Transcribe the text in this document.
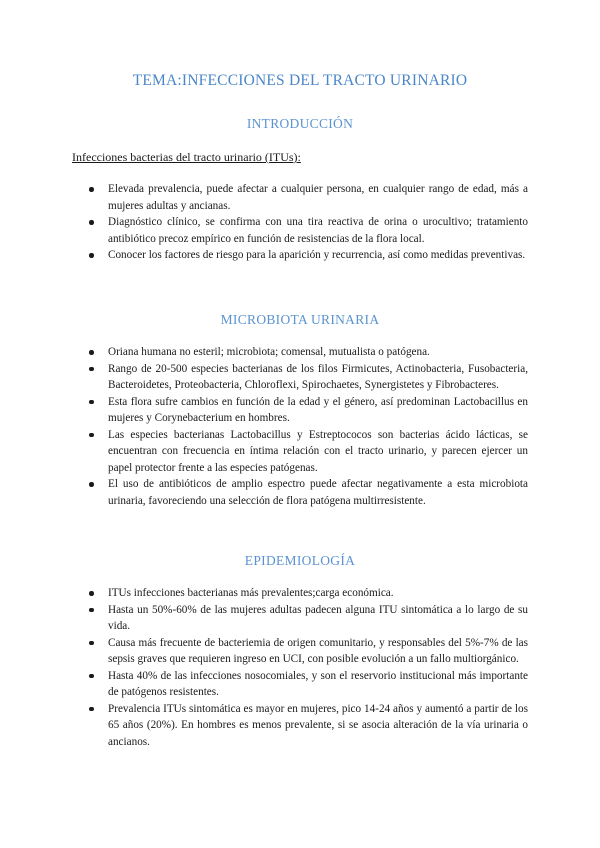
TEMA:INFECCIONES DEL TRACTO URINARIO
INTRODUCCIÓN
Infecciones bacterias del tracto urinario (ITUs):
Elevada prevalencia, puede afectar a cualquier persona, en cualquier rango de edad, más a mujeres adultas y ancianas.
Diagnóstico clínico, se confirma con una tira reactiva de orina o urocultivo; tratamiento antibiótico precoz empírico en función de resistencias de la flora local.
Conocer los factores de riesgo para la aparición y recurrencia, así como medidas preventivas.
MICROBIOTA URINARIA
Oriana humana no esteril; microbiota; comensal, mutualista o patógena.
Rango de 20-500 especies bacterianas de los filos Firmicutes, Actinobacteria, Fusobacteria, Bacteroidetes, Proteobacteria, Chloroflexi, Spirochaetes, Synergistetes y Fibrobacteres.
Esta flora sufre cambios en función de la edad y el género, así predominan Lactobacillus en mujeres y Corynebacterium en hombres.
Las especies bacterianas Lactobacillus y Estreptococos son bacterias ácido lácticas, se encuentran con frecuencia en íntima relación con el tracto urinario, y parecen ejercer un papel protector frente a las especies patógenas.
El uso de antibióticos de amplio espectro puede afectar negativamente a esta microbiota urinaria, favoreciendo una selección de flora patógena multirresistente.
EPIDEMIOLOGÍA
ITUs infecciones bacterianas más prevalentes;carga económica.
Hasta un 50%-60% de las mujeres adultas padecen alguna ITU sintomática a lo largo de su vida.
Causa más frecuente de bacteriemia de origen comunitario, y responsables del 5%-7% de las sepsis graves que requieren ingreso en UCI, con posible evolución a un fallo multiorgánico.
Hasta 40% de las infecciones nosocomiales, y son el reservorio institucional más importante de patógenos resistentes.
Prevalencia ITUs sintomática es mayor en mujeres, pico 14-24 años y aumentó a partir de los 65 años (20%). En hombres es menos prevalente, si se asocia alteración de la vía urinaria o ancianos.
